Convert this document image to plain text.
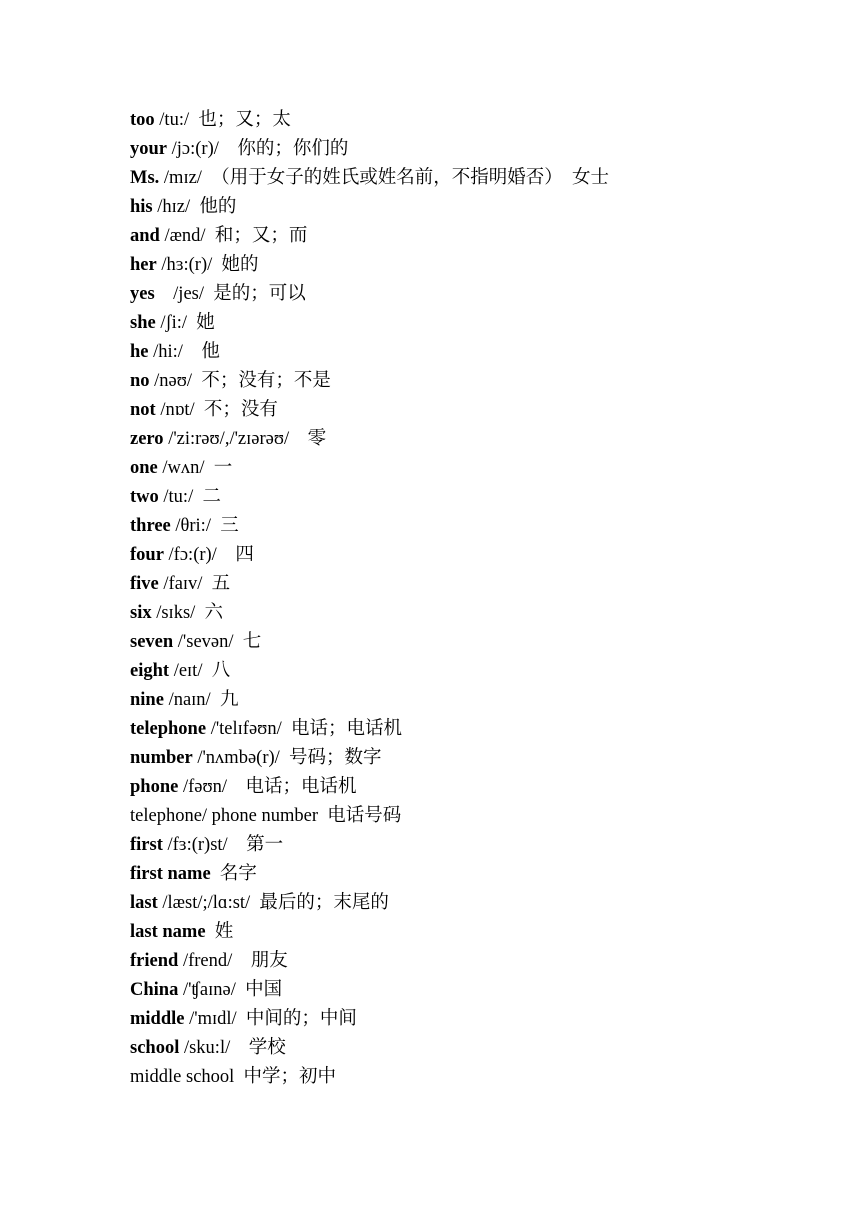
too /tu:/  也；又；太
your /jɔ:(r)/    你的；你们的
Ms. /mɪz/  （用于女子的姓氏或姓名前，不指明婚否）  女士
his /hɪz/  他的
and /ænd/  和；又；而
her /hɜ:(r)/  她的
yes    /jes/  是的；可以
she /ʃi:/  她
he /hi:/    他
no /nəʊ/  不；没有；不是
not /nɒt/  不；没有
zero /'zi:rəʊ/,/'zɪərəʊ/    零
one /wʌn/  一
two /tu:/  二
three /θri:/  三
four /fɔ:(r)/    四
five /faɪv/  五
six /sɪks/  六
seven /'sevən/  七
eight /eɪt/  八
nine /naɪn/  九
telephone /'telɪfəʊn/  电话；电话机
number /'nʌmbə(r)/  号码；数字
phone /fəʊn/    电话；电话机
telephone/ phone number  电话号码
first /fɜ:(r)st/    第一
first name  名字
last /læst/;/lɑ:st/  最后的；末尾的
last name  姓
friend /frend/    朋友
China /'ʧaɪnə/  中国
middle /'mɪdl/  中间的；中间
school /sku:l/    学校
middle school  中学；初中
